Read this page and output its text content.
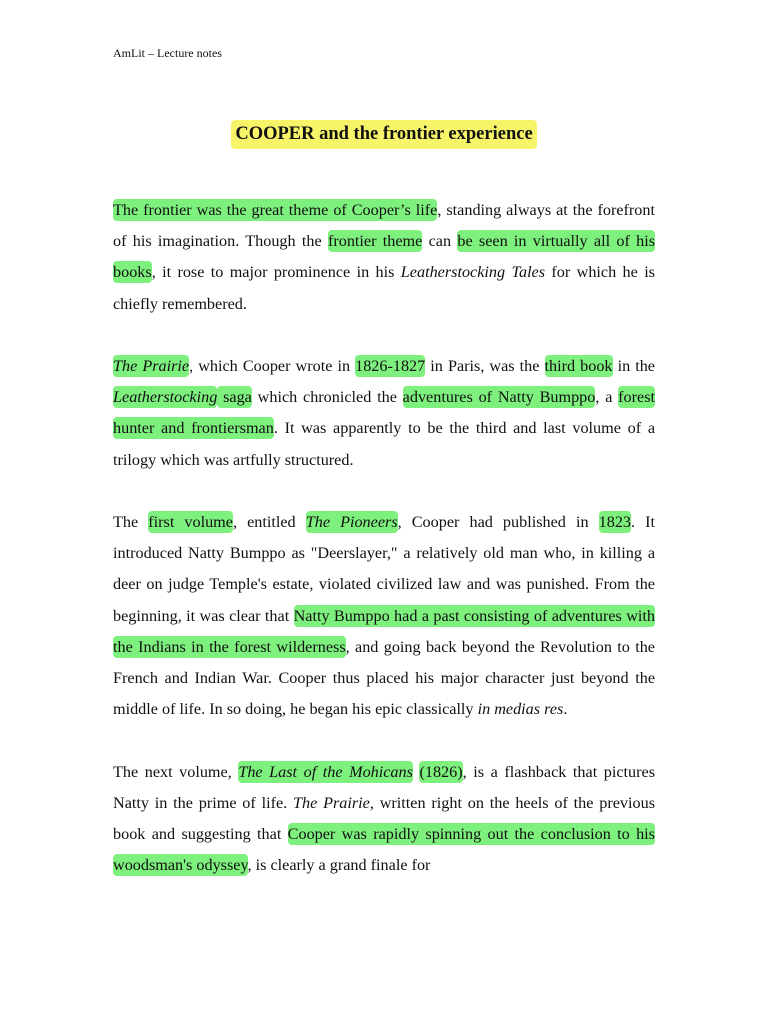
AmLit – Lecture notes
COOPER and the frontier experience

The frontier was the great theme of Cooper’s life, standing always at the forefront of his imagination. Though the frontier theme can be seen in virtually all of his books, it rose to major prominence in his Leatherstocking Tales for which he is chiefly remembered.

The Prairie, which Cooper wrote in 1826-1827 in Paris, was the third book in the Leatherstocking saga which chronicled the adventures of Natty Bumppo, a forest hunter and frontiersman. It was apparently to be the third and last volume of a trilogy which was artfully structured.

The first volume, entitled The Pioneers, Cooper had published in 1823. It introduced Natty Bumppo as "Deerslayer," a relatively old man who, in killing a deer on judge Temple's estate, violated civilized law and was punished. From the beginning, it was clear that Natty Bumppo had a past consisting of adventures with the Indians in the forest wilderness, and going back beyond the Revolution to the French and Indian War. Cooper thus placed his major character just beyond the middle of life. In so doing, he began his epic classically in medias res.

The next volume, The Last of the Mohicans (1826), is a flashback that pictures Natty in the prime of life. The Prairie, written right on the heels of the previous book and suggesting that Cooper was rapidly spinning out the conclusion to his woodsman's odyssey, is clearly a grand finale for
